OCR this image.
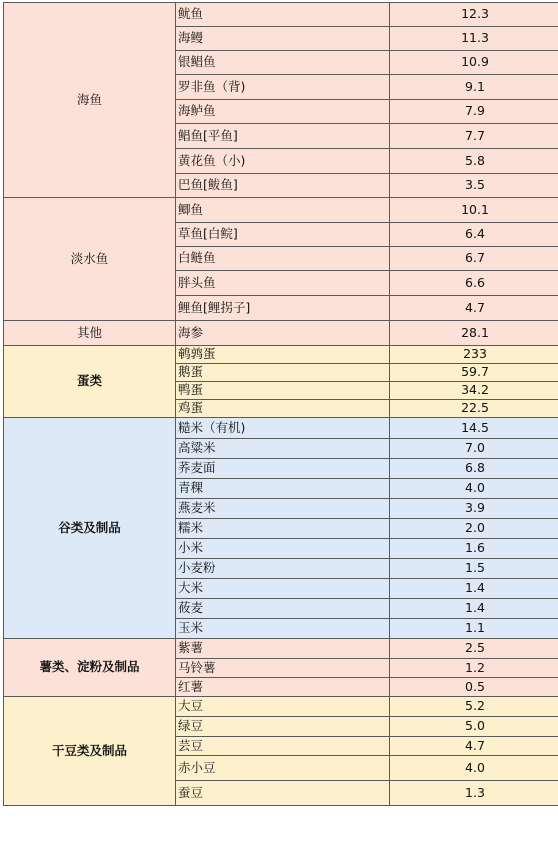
海鱼	鱿鱼	12.3
	海鳗	11.3
	银鲳鱼	10.9
	罗非鱼（背)	9.1
	海鲈鱼	7.9
	鲳鱼[平鱼]	7.7
	黄花鱼（小)	5.8
	巴鱼[鲅鱼]	3.5
淡水鱼	鲫鱼	10.1
	草鱼[白鲩]	6.4
	白鲢鱼	6.7
	胖头鱼	6.6
	鲤鱼[鲤拐子]	4.7
其他	海参	28.1
蛋类	鹌鹑蛋	233
	鹅蛋	59.7
	鸭蛋	34.2
	鸡蛋	22.5
谷类及制品	糙米（有机)	14.5
	高粱米	7.0
	荞麦面	6.8
	青稞	4.0
	燕麦米	3.9
	糯米	2.0
	小米	1.6
	小麦粉	1.5
	大米	1.4
	莜麦	1.4
	玉米	1.1
薯类、淀粉及制品	紫薯	2.5
	马铃薯	1.2
	红薯	0.5
干豆类及制品	大豆	5.2
	绿豆	5.0
	芸豆	4.7
	赤小豆	4.0
	蚕豆	1.3
